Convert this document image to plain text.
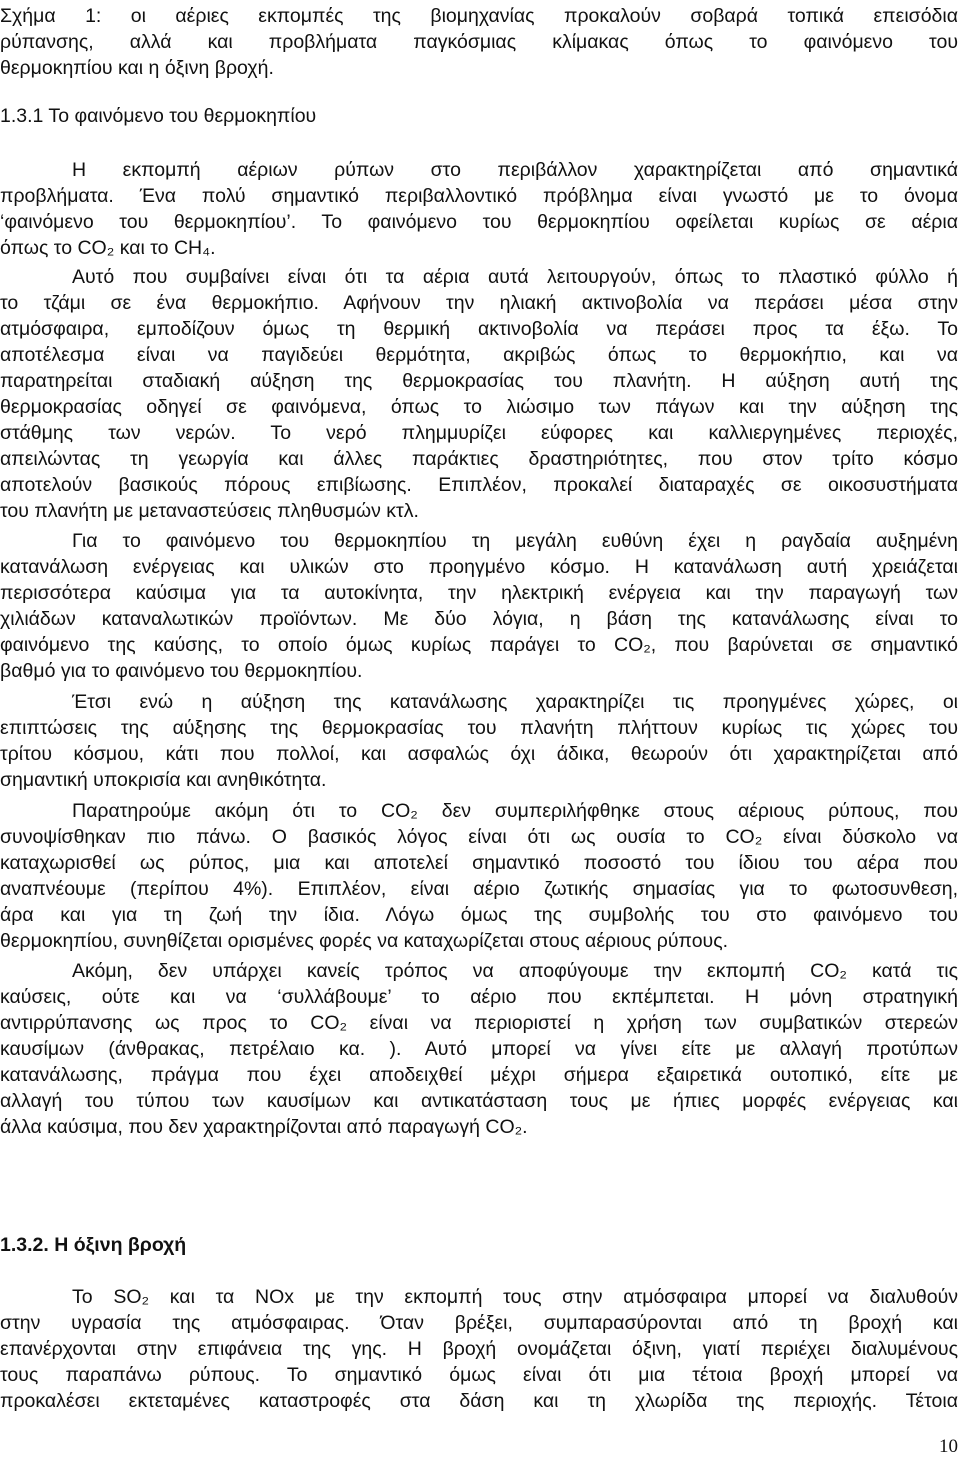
Σχήμα 1: οι αέριες εκπομπές της βιομηχανίας προκαλούν σοβαρά τοπικά επεισόδια
ρύπανσης, αλλά και προβλήματα παγκόσμιας κλίμακας όπως το φαινόμενο του
θερμοκηπίου και η όξινη βροχή.
1.3.1 Το φαινόμενο του θερμοκηπίου
Η εκπομπή αέριων ρύπων στο περιβάλλον χαρακτηρίζεται από σημαντικά
προβλήματα. Ένα πολύ σημαντικό περιβαλλοντικό πρόβλημα είναι γνωστό με το όνομα
‘φαινόμενο του θερμοκηπίου’. Το φαινόμενο του θερμοκηπίου οφείλεται κυρίως σε αέρια
όπως το CO₂ και το CH₄.
Αυτό που συμβαίνει είναι ότι τα αέρια αυτά λειτουργούν, όπως το πλαστικό φύλλο ή
το τζάμι σε ένα θερμοκήπιο. Αφήνουν την ηλιακή ακτινοβολία να περάσει μέσα στην
ατμόσφαιρα, εμποδίζουν όμως τη θερμική ακτινοβολία να περάσει προς τα έξω. Το
αποτέλεσμα είναι να παγιδεύει θερμότητα, ακριβώς όπως το θερμοκήπιο, και να
παρατηρείται σταδιακή αύξηση της θερμοκρασίας του πλανήτη. Η αύξηση αυτή της
θερμοκρασίας οδηγεί σε φαινόμενα, όπως το λιώσιμο των πάγων και την αύξηση της
στάθμης των νερών. Το νερό πλημμυρίζει εύφορες και καλλιεργημένες περιοχές,
απειλώντας τη γεωργία και άλλες παράκτιες δραστηριότητες, που στον τρίτο κόσμο
αποτελούν βασικούς πόρους επιβίωσης. Επιπλέον, προκαλεί διαταραχές σε οικοσυστήματα
του πλανήτη με μεταναστεύσεις πληθυσμών κτλ.
Για το φαινόμενο του θερμοκηπίου τη μεγάλη ευθύνη έχει η ραγδαία αυξημένη
κατανάλωση ενέργειας και υλικών στο προηγμένο κόσμο. Η κατανάλωση αυτή χρειάζεται
περισσότερα καύσιμα για τα αυτοκίνητα, την ηλεκτρική ενέργεια και την παραγωγή των
χιλιάδων καταναλωτικών προϊόντων. Με δύο λόγια, η βάση της κατανάλωσης είναι το
φαινόμενο της καύσης, το οποίο όμως κυρίως παράγει το CO₂, που βαρύνεται σε σημαντικό
βαθμό για το φαινόμενο του θερμοκηπίου.
Έτσι ενώ η αύξηση της κατανάλωσης χαρακτηρίζει τις προηγμένες χώρες, οι
επιπτώσεις της αύξησης της θερμοκρασίας του πλανήτη πλήττουν κυρίως τις χώρες του
τρίτου κόσμου, κάτι που πολλοί, και ασφαλώς όχι άδικα, θεωρούν ότι χαρακτηρίζεται από
σημαντική υποκρισία και ανηθικότητα.
Παρατηρούμε ακόμη ότι το CO₂ δεν συμπεριλήφθηκε στους αέριους ρύπους, που
συνοψίσθηκαν πιο πάνω. Ο βασικός λόγος είναι ότι ως ουσία το CO₂ είναι δύσκολο να
καταχωρισθεί ως ρύπος, μια και αποτελεί σημαντικό ποσοστό του ίδιου του αέρα που
αναπνέουμε (περίπου 4%). Επιπλέον, είναι αέριο ζωτικής σημασίας για το φωτοσυνθεση,
άρα και για τη ζωή την ίδια. Λόγω όμως της συμβολής του στο φαινόμενο του
θερμοκηπίου, συνηθίζεται ορισμένες φορές να καταχωρίζεται στους αέριους ρύπους.
Ακόμη, δεν υπάρχει κανείς τρόπος να αποφύγουμε την εκπομπή CO₂ κατά τις
καύσεις, ούτε και να ‘συλλάβουμε’ το αέριο που εκπέμπεται. Η μόνη στρατηγική
αντιρρύπανσης ως προς το CO₂ είναι να περιοριστεί η χρήση των συμβατικών στερεών
καυσίμων (άνθρακας, πετρέλαιο κα. ). Αυτό μπορεί να γίνει είτε με αλλαγή προτύπων
κατανάλωσης, πράγμα που έχει αποδειχθεί μέχρι σήμερα εξαιρετικά ουτοπικό, είτε με
αλλαγή του τύπου των καυσίμων και αντικατάσταση τους με ήπιες μορφές ενέργειας και
άλλα καύσιμα, που δεν χαρακτηρίζονται από παραγωγή CO₂.
1.3.2. Η όξινη βροχή
Το SO₂ και τα NOx με την εκπομπή τους στην ατμόσφαιρα μπορεί να διαλυθούν
στην υγρασία της ατμόσφαιρας. Όταν βρέξει, συμπαρασύρονται από τη βροχή και
επανέρχονται στην επιφάνεια της γης. Η βροχή ονομάζεται όξινη, γιατί περιέχει διαλυμένους
τους παραπάνω ρύπους. Το σημαντικό όμως είναι ότι μια τέτοια βροχή μπορεί να
προκαλέσει εκτεταμένες καταστροφές στα δάση και τη χλωρίδα της περιοχής. Τέτοια
10
